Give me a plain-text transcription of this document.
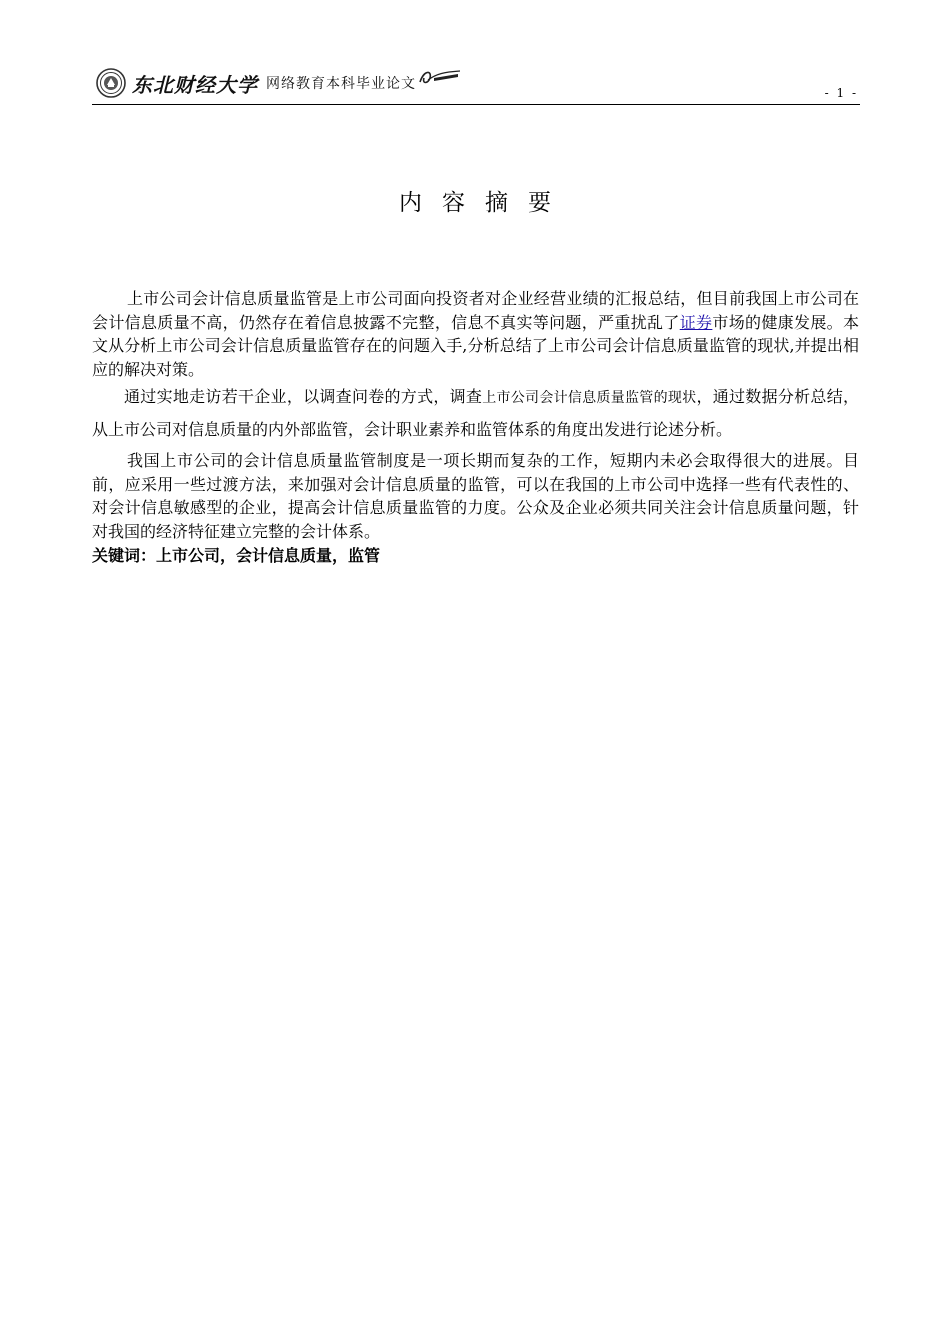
东北财经大学 网络教育本科毕业论文
- 1 -
内容摘要

上市公司会计信息质量监管是上市公司面向投资者对企业经营业绩的汇报总结，但目前我国上市公司在会计信息质量不高，仍然存在着信息披露不完整，信息不真实等问题，严重扰乱了证券市场的健康发展。本文从分析上市公司会计信息质量监管存在的问题入手,分析总结了上市公司会计信息质量监管的现状,并提出相应的解决对策。

通过实地走访若干企业，以调查问卷的方式，调查上市公司会计信息质量监管的现状，通过数据分析总结，从上市公司对信息质量的内外部监管，会计职业素养和监管体系的角度出发进行论述分析。

我国上市公司的会计信息质量监管制度是一项长期而复杂的工作，短期内未必会取得很大的进展。目前，应采用一些过渡方法，来加强对会计信息质量的监管，可以在我国的上市公司中选择一些有代表性的、对会计信息敏感型的企业，提高会计信息质量监管的力度。公众及企业必须共同关注会计信息质量问题，针对我国的经济特征建立完整的会计体系。

关键词：上市公司，会计信息质量，监管
